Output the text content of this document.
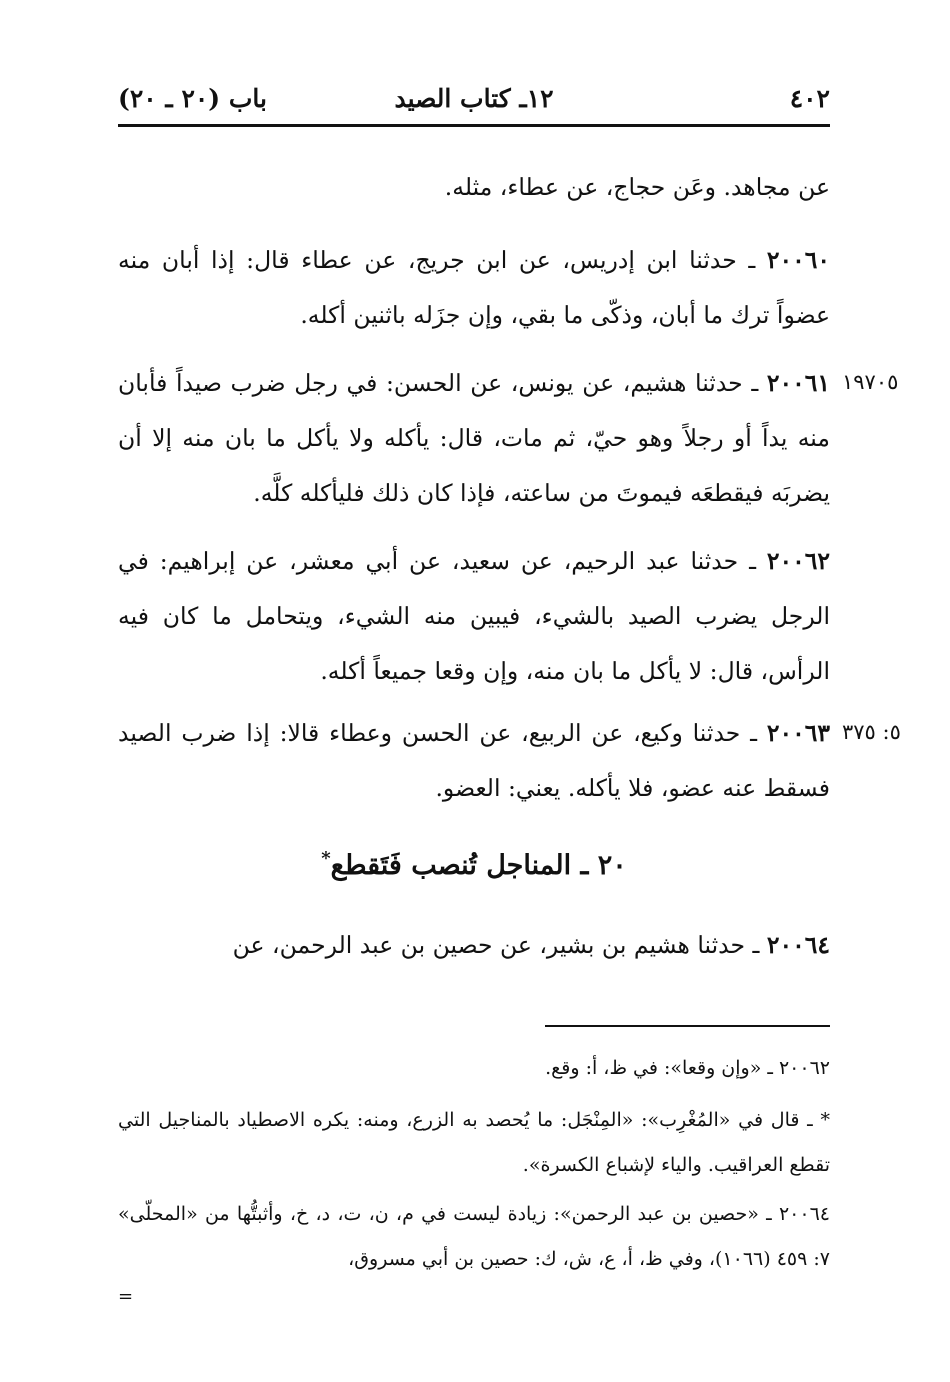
٤٠٢
١٢ـ كتاب الصيد
باب (٢٠ ـ ٢٠)

عن مجاهد. وعَن حجاج، عن عطاء، مثله.

٢٠٠٦٠ ـ حدثنا ابن إدريس، عن ابن جريج، عن عطاء قال: إذا أبان منه عضواً ترك ما أبان، وذكّى ما بقي، وإن جزَله باثنين أكله.

٢٠٠٦١ ـ حدثنا هشيم، عن يونس، عن الحسن: في رجل ضرب صيداً فأبان منه يداً أو رجلاً وهو حيّ، ثم مات، قال: يأكله ولا يأكل ما بان منه إلا أن يضربَه فيقطعَه فيموتَ من ساعته، فإذا كان ذلك فليأكله كلَّه.

١٩٧٠٥

٢٠٠٦٢ ـ حدثنا عبد الرحيم، عن سعيد، عن أبي معشر، عن إبراهيم: في الرجل يضرب الصيد بالشيء، فيبين منه الشيء، ويتحامل ما كان فيه الرأس، قال: لا يأكل ما بان منه، وإن وقعا جميعاً أكله.

٢٠٠٦٣ ـ حدثنا وكيع، عن الربيع، عن الحسن وعطاء قالا: إذا ضرب الصيد فسقط عنه عضو، فلا يأكله. يعني: العضو.

٥: ٣٧٥
٢٠ ـ المناجل تُنصب فَتَقطع*

٢٠٠٦٤ ـ حدثنا هشيم بن بشير، عن حصين بن عبد الرحمن، عن

٢٠٠٦٢ ـ «وإن وقعا»: في ظ، أ: وقع.

* ـ قال في «المُغْرِب»: «المِنْجَل: ما يُحصد به الزرع، ومنه: يكره الاصطياد بالمناجيل التي تقطع العراقيب. والياء لإشباع الكسرة».

٢٠٠٦٤ ـ «حصين بن عبد الرحمن»: زيادة ليست في م، ن، ت، د، خ، وأثبتُّها من «المحلّى» ٧: ٤٥٩ (١٠٦٦)، وفي ظ، أ، ع، ش، ك: حصين بن أبي مسروق،

=
